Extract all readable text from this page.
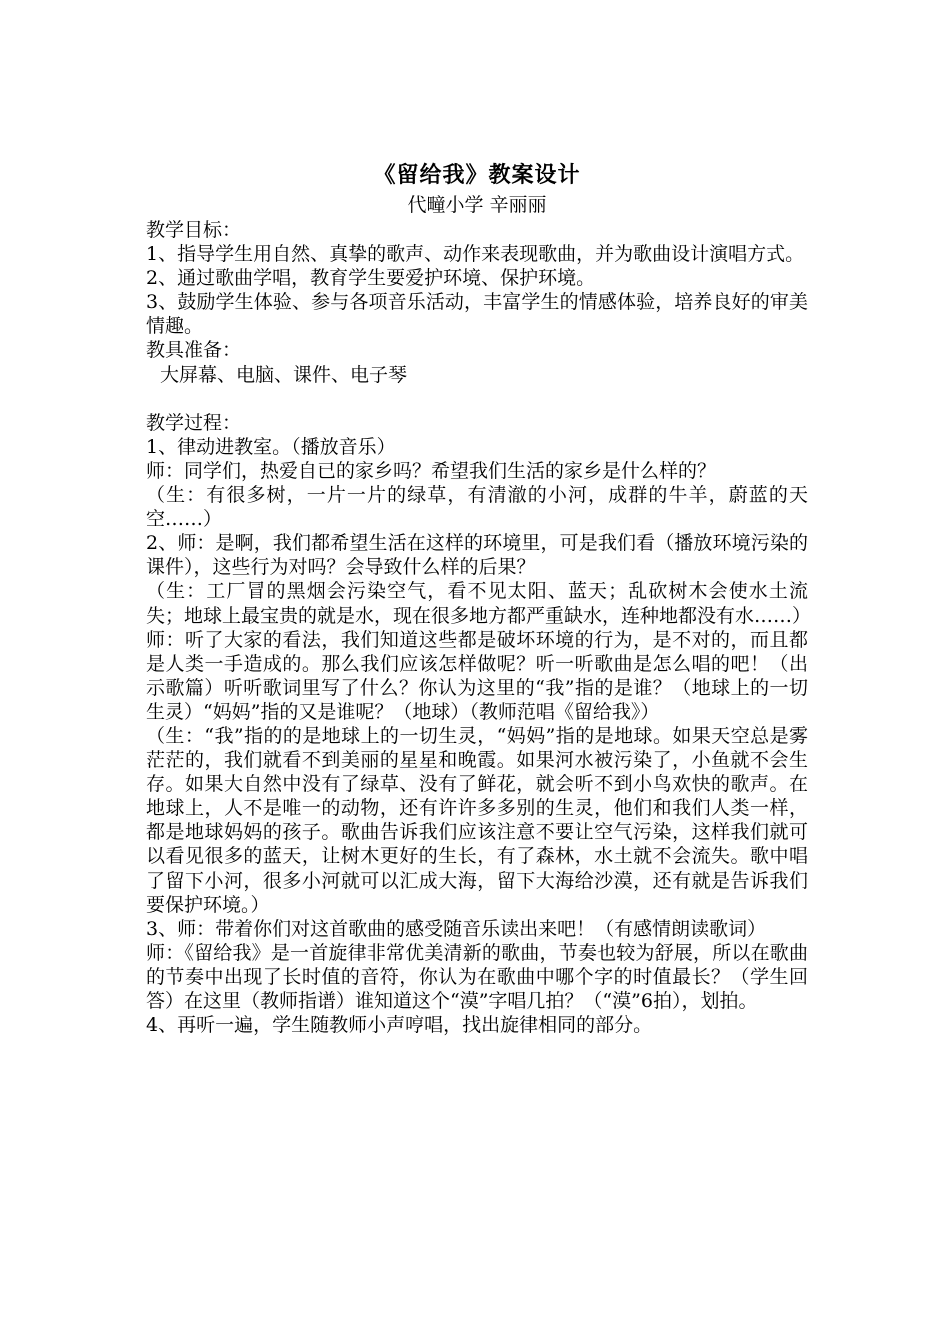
《留给我》教案设计

代疃小学 辛丽丽

教学目标：

1、指导学生用自然、真挚的歌声、动作来表现歌曲，并为歌曲设计演唱方式。

2、通过歌曲学唱，教育学生要爱护环境、保护环境。

3、鼓励学生体验、参与各项音乐活动，丰富学生的情感体验，培养良好的审美情趣。

教具准备：

大屏幕、电脑、课件、电子琴

教学过程：

1、律动进教室。（播放音乐）

师：同学们，热爱自已的家乡吗？希望我们生活的家乡是什么样的？

（生：有很多树，一片一片的绿草，有清澈的小河，成群的牛羊，蔚蓝的天空……）

2、师：是啊，我们都希望生活在这样的环境里，可是我们看（播放环境污染的课件），这些行为对吗？会导致什么样的后果？

（生：工厂冒的黑烟会污染空气，看不见太阳、蓝天；乱砍树木会使水土流失；地球上最宝贵的就是水，现在很多地方都严重缺水，连种地都没有水……）

师：听了大家的看法，我们知道这些都是破坏环境的行为，是不对的，而且都是人类一手造成的。那么我们应该怎样做呢？听一听歌曲是怎么唱的吧！（出示歌篇）听听歌词里写了什么？你认为这里的“我”指的是谁？（地球上的一切生灵）“妈妈”指的又是谁呢？（地球）（教师范唱《留给我》）

（生：“我”指的的是地球上的一切生灵，“妈妈”指的是地球。如果天空总是雾茫茫的，我们就看不到美丽的星星和晚霞。如果河水被污染了，小鱼就不会生存。如果大自然中没有了绿草、没有了鲜花，就会听不到小鸟欢快的歌声。在地球上，人不是唯一的动物，还有许许多多别的生灵，他们和我们人类一样，都是地球妈妈的孩子。歌曲告诉我们应该注意不要让空气污染，这样我们就可以看见很多的蓝天，让树木更好的生长，有了森林，水土就不会流失。歌中唱了留下小河，很多小河就可以汇成大海，留下大海给沙漠，还有就是告诉我们要保护环境。）

3、师：带着你们对这首歌曲的感受随音乐读出来吧！（有感情朗读歌词）

师：《留给我》是一首旋律非常优美清新的歌曲，节奏也较为舒展，所以在歌曲的节奏中出现了长时值的音符，你认为在歌曲中哪个字的时值最长？（学生回答）在这里（教师指谱）谁知道这个“漠”字唱几拍？（“漠”6拍），划拍。

4、再听一遍，学生随教师小声哼唱，找出旋律相同的部分。
